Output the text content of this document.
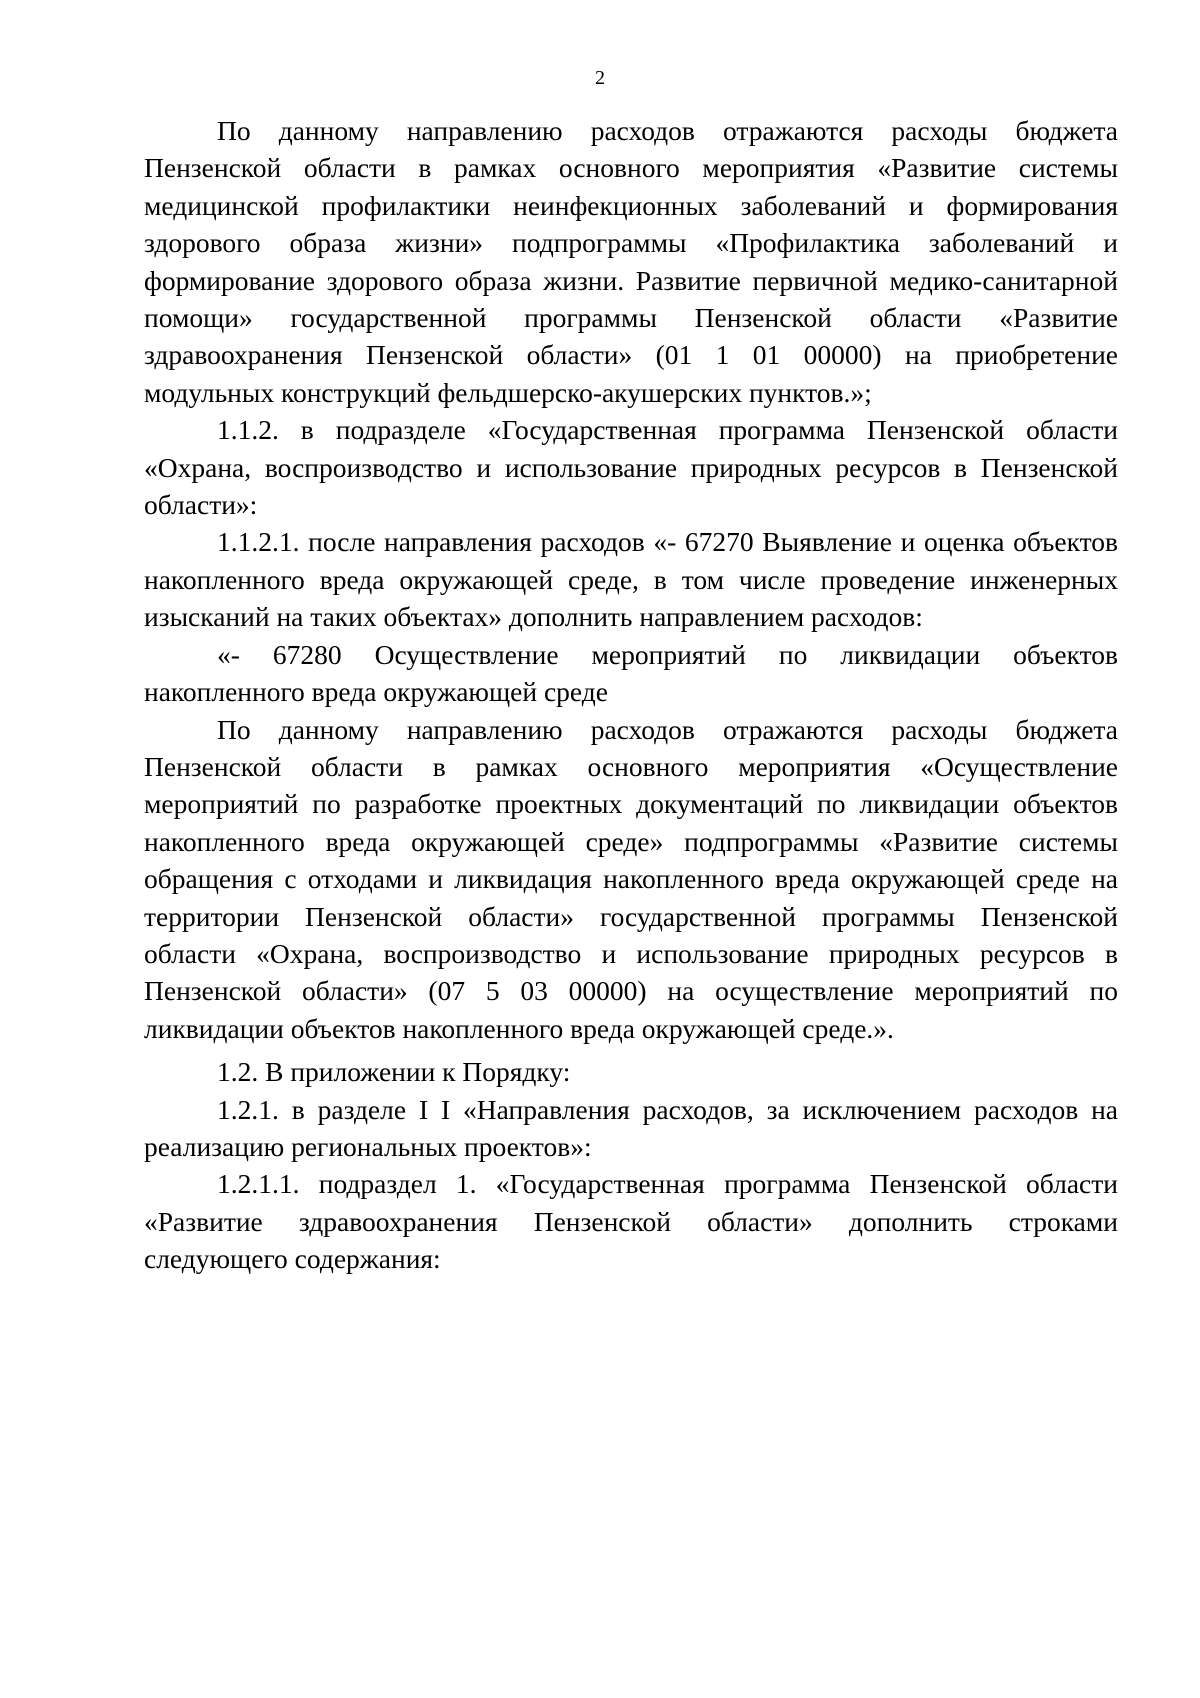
2

По данному направлению расходов отражаются расходы бюджета Пензенской области в рамках основного мероприятия «Развитие системы медицинской профилактики неинфекционных заболеваний и формирования здорового образа жизни» подпрограммы «Профилактика заболеваний и формирование здорового образа жизни. Развитие первичной медико-санитарной помощи» государственной программы Пензенской области «Развитие здравоохранения Пензенской области» (01 1 01 00000) на приобретение модульных конструкций фельдшерско-акушерских пунктов.»;

1.1.2. в подразделе «Государственная программа Пензенской области «Охрана, воспроизводство и использование природных ресурсов в Пензенской области»:

1.1.2.1. после направления расходов «- 67270 Выявление и оценка объектов накопленного вреда окружающей среде, в том числе проведение инженерных изысканий на таких объектах» дополнить направлением расходов:

«- 67280 Осуществление мероприятий по ликвидации объектов накопленного вреда окружающей среде

По данному направлению расходов отражаются расходы бюджета Пензенской области в рамках основного мероприятия «Осуществление мероприятий по разработке проектных документаций по ликвидации объектов накопленного вреда окружающей среде» подпрограммы «Развитие системы обращения с отходами и ликвидация накопленного вреда окружающей среде на территории Пензенской области» государственной программы Пензенской области «Охрана, воспроизводство и использование природных ресурсов в Пензенской области» (07 5 03 00000) на осуществление мероприятий по ликвидации объектов накопленного вреда окружающей среде.».

1.2. В приложении к Порядку:

1.2.1. в разделе I I «Направления расходов, за исключением расходов на реализацию региональных проектов»:

1.2.1.1. подраздел 1. «Государственная программа Пензенской области «Развитие здравоохранения Пензенской области» дополнить строками следующего содержания:
